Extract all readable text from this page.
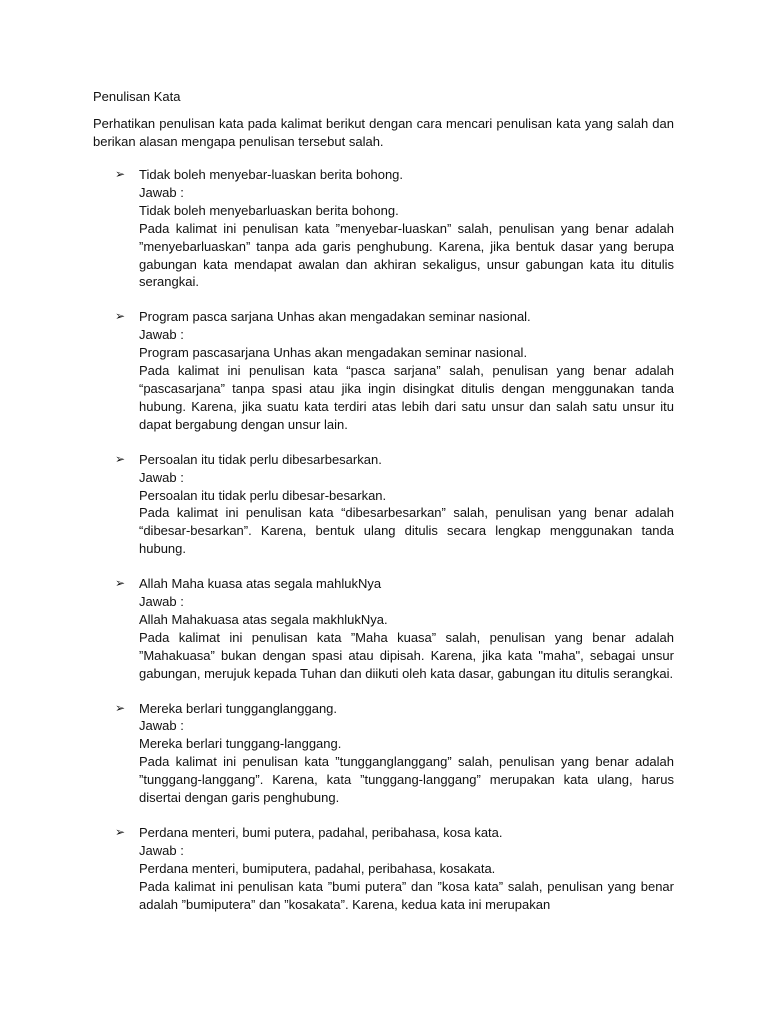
Penulisan Kata

Perhatikan penulisan kata pada kalimat berikut dengan cara mencari penulisan kata yang salah dan berikan alasan mengapa penulisan tersebut salah.

➢ Tidak boleh menyebar-luaskan berita bohong.
Jawab :
Tidak boleh menyebarluaskan berita bohong.
Pada kalimat ini penulisan kata ”menyebar-luaskan” salah, penulisan yang benar adalah ”menyebarluaskan” tanpa ada garis penghubung. Karena, jika bentuk dasar yang berupa gabungan kata mendapat awalan dan akhiran sekaligus, unsur gabungan kata itu ditulis serangkai.
➢ Program pasca sarjana Unhas akan mengadakan seminar nasional.
Jawab :
Program pascasarjana Unhas akan mengadakan seminar nasional.
Pada kalimat ini penulisan kata “pasca sarjana” salah, penulisan yang benar adalah “pascasarjana” tanpa spasi atau jika ingin disingkat ditulis dengan menggunakan tanda hubung. Karena, jika suatu kata terdiri atas lebih dari satu unsur dan salah satu unsur itu dapat bergabung dengan unsur lain.
➢ Persoalan itu tidak perlu dibesarbesarkan.
Jawab :
Persoalan itu tidak perlu dibesar-besarkan.
Pada kalimat ini penulisan kata “dibesarbesarkan” salah, penulisan yang benar adalah “dibesar-besarkan”. Karena, bentuk ulang ditulis secara lengkap menggunakan tanda hubung.
➢ Allah Maha kuasa atas segala mahlukNya
Jawab :
Allah Mahakuasa atas segala makhlukNya.
Pada kalimat ini penulisan kata ”Maha kuasa” salah, penulisan yang benar adalah ”Mahakuasa” bukan dengan spasi atau dipisah. Karena, jika kata "maha", sebagai unsur gabungan, merujuk kepada Tuhan dan diikuti oleh kata dasar, gabungan itu ditulis serangkai.
➢ Mereka berlari tungganglanggang.
Jawab :
Mereka berlari tunggang-langgang.
Pada kalimat ini penulisan kata ”tungganglanggang” salah, penulisan yang benar adalah ”tunggang-langgang”. Karena, kata ”tunggang-langgang” merupakan kata ulang, harus disertai dengan garis penghubung.
➢ Perdana menteri, bumi putera, padahal, peribahasa, kosa kata.
Jawab :
Perdana menteri, bumiputera, padahal, peribahasa, kosakata.
Pada kalimat ini penulisan kata ”bumi putera” dan ”kosa kata” salah, penulisan yang benar adalah ”bumiputera” dan ”kosakata”. Karena, kedua kata ini merupakan
